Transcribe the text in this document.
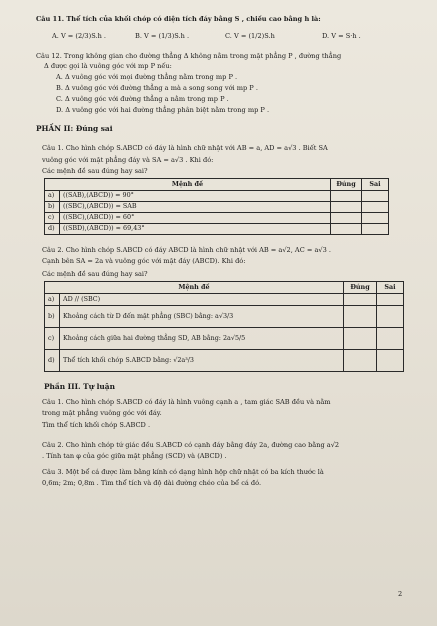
Câu 11. Thể tích của khối chóp có diện tích đáy bằng S , chiều cao bằng h là:
A. V = (2/3)S.h .	B. V = (1/3)S.h .	C. V = (1/2)S.h	D. V = S·h .
Câu 12. Trong không gian cho đường thẳng Δ không nằm trong mặt phẳng P , đường thẳng
Δ được gọi là vuông góc với mp P nếu:
A. Δ vuông góc với mọi đường thẳng nằm trong mp P .
B. Δ vuông góc với đường thẳng a mà a song song với mp P .
C. Δ vuông góc với đường thẳng a nằm trong mp P .
D. Δ vuông góc với hai đường thẳng phân biệt nằm trong mp P .
PHẦN II: Đúng sai
Câu 1. Cho hình chóp S.ABCD có đáy là hình chữ nhật với AB = a, AD = a√3 . Biết SA
vuông góc với mặt phẳng đáy và SA = a√3 . Khi đó:
Các mệnh đề sau đúng hay sai?
Mệnh đề		Đúng	Sai
a)	((SAB),(ABCD)) = 90°		
b)	((SBC),(ABCD)) = SAB		
c)	((SBC),(ABCD)) = 60°		
d)	((SBD),(ABCD)) ≈ 69,43°		
Câu 2. Cho hình chóp S.ABCD có đáy ABCD là hình chữ nhật với AB = a√2, AC = a√3 .
Cạnh bên SA = 2a và vuông góc với mặt đáy (ABCD). Khi đó:
Các mệnh đề sau đúng hay sai?
Mệnh đề		Đúng	Sai
a)	AD // (SBC)		
b)	Khoảng cách từ D đến mặt phẳng (SBC) bằng: a√3/3		
c)	Khoảng cách giữa hai đường thẳng SD, AB bằng: 2a√5/5		
d)	Thể tích khối chóp S.ABCD bằng: √2a³/3		
Phần III. Tự luận
Câu 1. Cho hình chóp S.ABCD có đáy là hình vuông cạnh a , tam giác SAB đều và nằm
trong mặt phẳng vuông góc với đáy.
Tìm thể tích khối chóp S.ABCD .
Câu 2. Cho hình chóp tứ giác đều S.ABCD có cạnh đáy bằng đáy 2a, đường cao bằng a√2
. Tính tan φ của góc giữa mặt phẳng (SCD) và (ABCD) .
Câu 3. Một bể cá được làm bằng kính có dạng hình hộp chữ nhật có ba kích thước là
0,6m; 2m; 0,8m . Tìm thể tích và độ dài đường chéo của bể cá đó.
2
